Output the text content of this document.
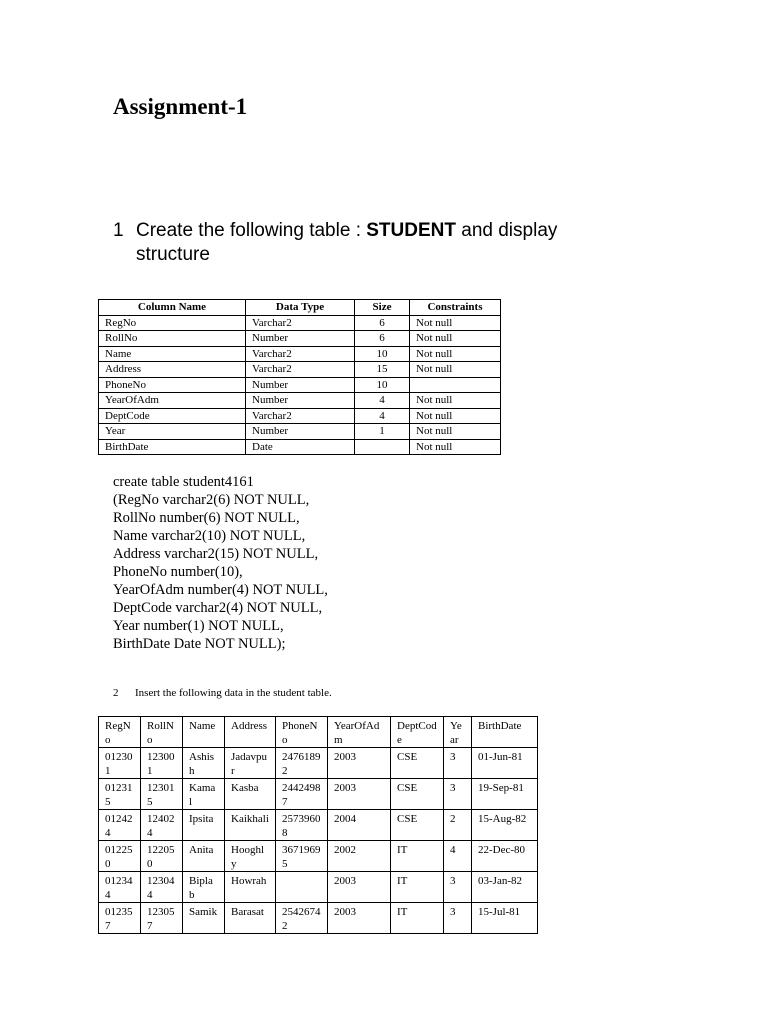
Assignment-1
1 Create the following table : STUDENT and display structure
Column Name	Data Type	Size	Constraints
RegNo	Varchar2	6	Not null
RollNo	Number	6	Not null
Name	Varchar2	10	Not null
Address	Varchar2	15	Not null
PhoneNo	Number	10	
YearOfAdm	Number	4	Not null
DeptCode	Varchar2	4	Not null
Year	Number	1	Not null
BirthDate	Date		Not null
create table student4161
(RegNo varchar2(6) NOT NULL,
RollNo number(6) NOT NULL,
Name varchar2(10) NOT NULL,
Address varchar2(15) NOT NULL,
PhoneNo number(10),
YearOfAdm number(4) NOT NULL,
DeptCode varchar2(4) NOT NULL,
Year number(1) NOT NULL,
BirthDate Date NOT NULL);
2 Insert the following data in the student table.
RegNo	RollNo	Name	Address	PhoneNo	YearOfAdm	DeptCode	Year	BirthDate
012301	123001	Ashish	Jadavpur	24761892	2003	CSE	3	01-Jun-81
012315	123015	Kamal	Kasba	24424987	2003	CSE	3	19-Sep-81
012424	124024	Ipsita	Kaikhali	25739608	2004	CSE	2	15-Aug-82
012250	122050	Anita	Hooghly	36719695	2002	IT	4	22-Dec-80
012344	123044	Biplab	Howrah		2003	IT	3	03-Jan-82
012357	123057	Samik	Barasat	25426742	2003	IT	3	15-Jul-81
